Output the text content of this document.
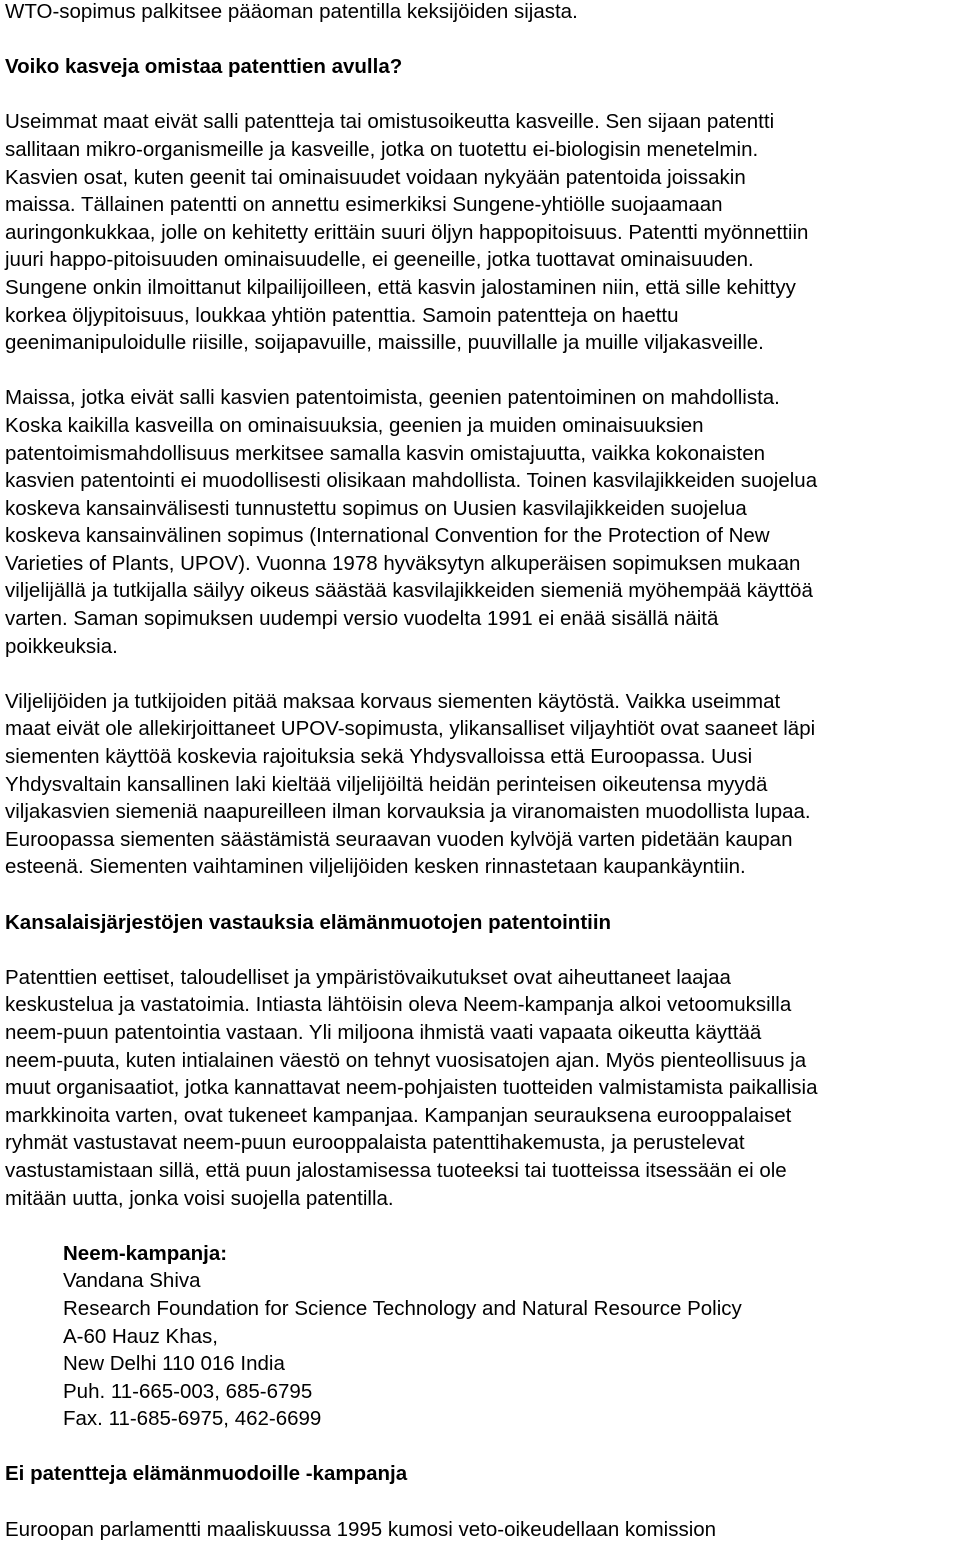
WTO-sopimus palkitsee pääoman patentilla keksijöiden sijasta.

Voiko kasveja omistaa patenttien avulla?

Useimmat maat eivät salli patentteja tai omistusoikeutta kasveille. Sen sijaan patentti

sallitaan mikro-organismeille ja kasveille, jotka on tuotettu ei-biologisin menetelmin.

Kasvien osat, kuten geenit tai ominaisuudet voidaan nykyään patentoida joissakin

maissa. Tällainen patentti on annettu esimerkiksi Sungene-yhtiölle suojaamaan

auringonkukkaa, jolle on kehitetty erittäin suuri öljyn happopitoisuus. Patentti myönnettiin

juuri happo-pitoisuuden ominaisuudelle, ei geeneille, jotka tuottavat ominaisuuden.

Sungene onkin ilmoittanut kilpailijoilleen, että kasvin jalostaminen niin, että sille kehittyy

korkea öljypitoisuus, loukkaa yhtiön patenttia. Samoin patentteja on haettu

geenimanipuloidulle riisille, soijapavuille, maissille, puuvillalle ja muille viljakasveille.

Maissa, jotka eivät salli kasvien patentoimista, geenien patentoiminen on mahdollista.

Koska kaikilla kasveilla on ominaisuuksia, geenien ja muiden ominaisuuksien

patentoimismahdollisuus merkitsee samalla kasvin omistajuutta, vaikka kokonaisten

kasvien patentointi ei muodollisesti olisikaan mahdollista. Toinen kasvilajikkeiden suojelua

koskeva kansainvälisesti tunnustettu sopimus on Uusien kasvilajikkeiden suojelua

koskeva kansainvälinen sopimus (International Convention for the Protection of New

Varieties of Plants, UPOV). Vuonna 1978 hyväksytyn alkuperäisen sopimuksen mukaan

viljelijällä ja tutkijalla säilyy oikeus säästää kasvilajikkeiden siemeniä myöhempää käyttöä

varten. Saman sopimuksen uudempi versio vuodelta 1991 ei enää sisällä näitä

poikkeuksia.

Viljelijöiden ja tutkijoiden pitää maksaa korvaus siementen käytöstä. Vaikka useimmat

maat eivät ole allekirjoittaneet UPOV-sopimusta, ylikansalliset viljayhtiöt ovat saaneet läpi

siementen käyttöä koskevia rajoituksia sekä Yhdysvalloissa että Euroopassa. Uusi

Yhdysvaltain kansallinen laki kieltää viljelijöiltä heidän perinteisen oikeutensa myydä

viljakasvien siemeniä naapureilleen ilman korvauksia ja viranomaisten muodollista lupaa.

Euroopassa siementen säästämistä seuraavan vuoden kylvöjä varten pidetään kaupan

esteenä. Siementen vaihtaminen viljelijöiden kesken rinnastetaan kaupankäyntiin.

Kansalaisjärjestöjen vastauksia elämänmuotojen patentointiin

Patenttien eettiset, taloudelliset ja ympäristövaikutukset ovat aiheuttaneet laajaa

keskustelua ja vastatoimia. Intiasta lähtöisin oleva Neem-kampanja alkoi vetoomuksilla

neem-puun patentointia vastaan. Yli miljoona ihmistä vaati vapaata oikeutta käyttää

neem-puuta, kuten intialainen väestö on tehnyt vuosisatojen ajan. Myös pienteollisuus ja

muut organisaatiot, jotka kannattavat neem-pohjaisten tuotteiden valmistamista paikallisia

markkinoita varten, ovat tukeneet kampanjaa. Kampanjan seurauksena eurooppalaiset

ryhmät vastustavat neem-puun eurooppalaista patenttihakemusta, ja perustelevat

vastustamistaan sillä, että puun jalostamisessa tuoteeksi tai tuotteissa itsessään ei ole

mitään uutta, jonka voisi suojella patentilla.

Neem-kampanja:

Vandana Shiva

Research Foundation for Science Technology and Natural Resource Policy

A-60 Hauz Khas,

New Delhi 110 016 India

Puh. 11-665-003, 685-6795

Fax. 11-685-6975, 462-6699

Ei patentteja elämänmuodoille -kampanja

Euroopan parlamentti maaliskuussa 1995 kumosi veto-oikeudellaan komission
